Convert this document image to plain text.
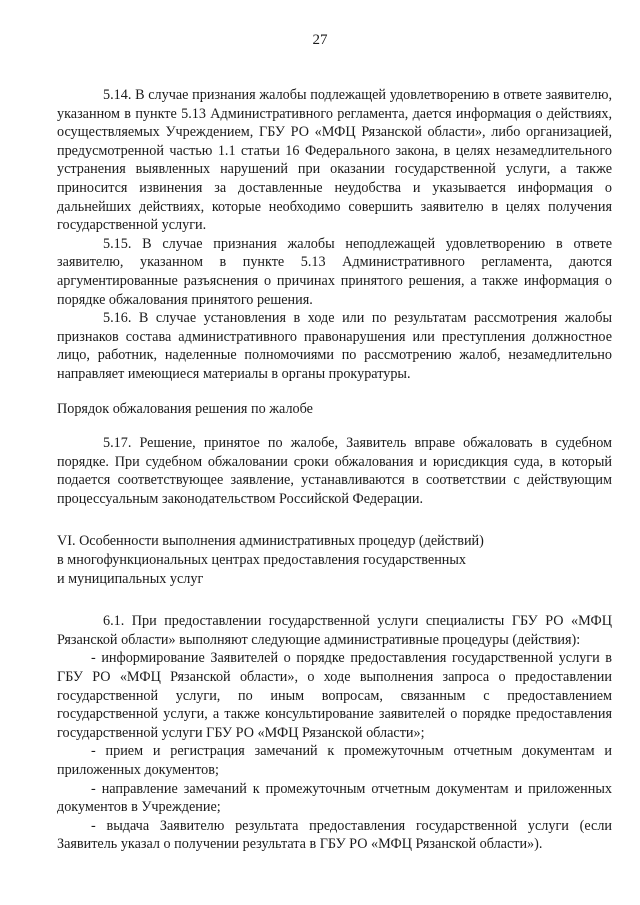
27

5.14. В случае признания жалобы подлежащей удовлетворению в ответе заявителю, указанном в пункте 5.13 Административного регламента, дается информация о действиях, осуществляемых Учреждением, ГБУ РО «МФЦ Рязанской области», либо организацией, предусмотренной частью 1.1 статьи 16 Федерального закона, в целях незамедлительного устранения выявленных нарушений при оказании государственной услуги, а также приносится извинения за доставленные неудобства и указывается информация о дальнейших действиях, которые необходимо совершить заявителю в целях получения государственной услуги.

5.15. В случае признания жалобы неподлежащей удовлетворению в ответе заявителю, указанном в пункте 5.13 Административного регламента, даются аргументированные разъяснения о причинах принятого решения, а также информация о порядке обжалования принятого решения.

5.16. В случае установления в ходе или по результатам рассмотрения жалобы признаков состава административного правонарушения или преступления должностное лицо, работник, наделенные полномочиями по рассмотрению жалоб, незамедлительно направляет имеющиеся материалы в органы прокуратуры.

Порядок обжалования решения по жалобе

5.17. Решение, принятое по жалобе, Заявитель вправе обжаловать в судебном порядке. При судебном обжаловании сроки обжалования и юрисдикция суда, в который подается соответствующее заявление, устанавливаются в соответствии с действующим процессуальным законодательством Российской Федерации.

VI. Особенности выполнения административных процедур (действий)

в многофункциональных центрах предоставления государственных

и муниципальных услуг

6.1. При предоставлении государственной услуги специалисты ГБУ РО «МФЦ Рязанской области» выполняют следующие административные процедуры (действия):

- информирование Заявителей о порядке предоставления государственной услуги в ГБУ РО «МФЦ Рязанской области», о ходе выполнения запроса о предоставлении государственной услуги, по иным вопросам, связанным с предоставлением государственной услуги, а также консультирование заявителей о порядке предоставления государственной услуги ГБУ РО «МФЦ Рязанской области»;

- прием и регистрация замечаний к промежуточным отчетным документам и приложенных документов;

- направление замечаний к промежуточным отчетным документам и приложенных документов в Учреждение;

- выдача Заявителю результата предоставления государственной услуги (если Заявитель указал о получении результата в ГБУ РО «МФЦ Рязанской области»).
